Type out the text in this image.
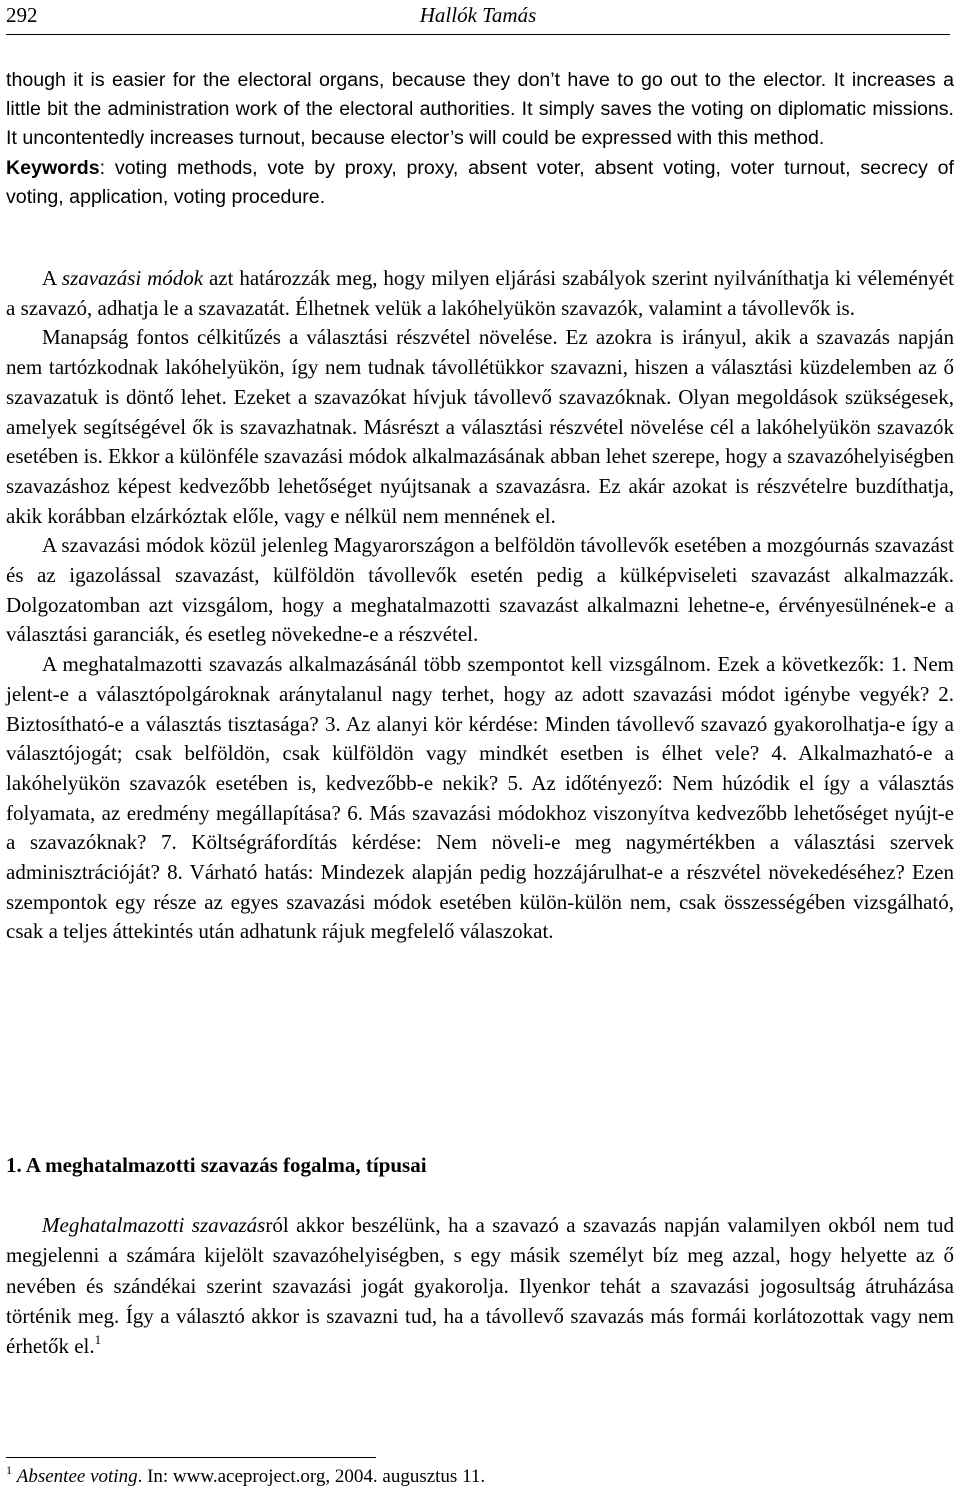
292	Hallók Tamás

though it is easier for the electoral organs, because they don’t have to go out to the elector. It increases a little bit the administration work of the electoral authorities. It simply saves the voting on diplomatic missions. It uncontentedly increases turnout, because elector’s will could be expressed with this method.

Keywords: voting methods, vote by proxy, proxy, absent voter, absent voting, voter turnout, secrecy of voting, application, voting procedure.

A szavazási módok azt határozzák meg, hogy milyen eljárási szabályok szerint nyilváníthatja ki véleményét a szavazó, adhatja le a szavazatát. Élhetnek velük a lakóhelyükön szavazók, valamint a távollevők is.

Manapság fontos célkitűzés a választási részvétel növelése. Ez azokra is irányul, akik a szavazás napján nem tartózkodnak lakóhelyükön, így nem tudnak távollétükkor szavazni, hiszen a választási küzdelemben az ő szavazatuk is döntő lehet. Ezeket a szavazókat hívjuk távollevő szavazóknak. Olyan megoldások szükségesek, amelyek segítségével ők is szavazhatnak. Másrészt a választási részvétel növelése cél a lakóhelyükön szavazók esetében is. Ekkor a különféle szavazási módok alkalmazásának abban lehet szerepe, hogy a szavazóhelyiségben szavazáshoz képest kedvezőbb lehetőséget nyújtsanak a szavazásra. Ez akár azokat is részvételre buzdíthatja, akik korábban elzárkóztak előle, vagy e nélkül nem mennének el.

A szavazási módok közül jelenleg Magyarországon a belföldön távollevők esetében a mozgóurnás szavazást és az igazolással szavazást, külföldön távollevők esetén pedig a külképviseleti szavazást alkalmazzák. Dolgozatomban azt vizsgálom, hogy a meghatalmazotti szavazást alkalmazni lehetne-e, érvényesülnének-e a választási garanciák, és esetleg növekedne-e a részvétel.

A meghatalmazotti szavazás alkalmazásánál több szempontot kell vizsgálnom. Ezek a következők: 1. Nem jelent-e a választópolgároknak aránytalanul nagy terhet, hogy az adott szavazási módot igénybe vegyék? 2. Biztosítható-e a választás tisztasága? 3. Az alanyi kör kérdése: Minden távollevő szavazó gyakorolhatja-e így a választójogát; csak belföldön, csak külföldön vagy mindkét esetben is élhet vele? 4. Alkalmazható-e a lakóhelyükön szavazók esetében is, kedvezőbb-e nekik? 5. Az időtényező: Nem húzódik el így a választás folyamata, az eredmény megállapítása? 6. Más szavazási módokhoz viszonyítva kedvezőbb lehetőséget nyújt-e a szavazóknak? 7. Költségráfordítás kérdése: Nem növeli-e meg nagymértékben a választási szervek adminisztrációját? 8. Várható hatás: Mindezek alapján pedig hozzájárulhat-e a részvétel növekedéséhez? Ezen szempontok egy része az egyes szavazási módok esetében külön-külön nem, csak összességében vizsgálható, csak a teljes áttekintés után adhatunk rájuk megfelelő válaszokat.

1. A meghatalmazotti szavazás fogalma, típusai

Meghatalmazotti szavazásról akkor beszélünk, ha a szavazó a szavazás napján valamilyen okból nem tud megjelenni a számára kijelölt szavazóhelyiségben, s egy másik személyt bíz meg azzal, hogy helyette az ő nevében és szándékai szerint szavazási jogát gyakorolja. Ilyenkor tehát a szavazási jogosultság átruházása történik meg. Így a választó akkor is szavazni tud, ha a távollevő szavazás más formái korlátozottak vagy nem érhetők el.$^1$

$^1$ Absentee voting. In: www.aceproject.org, 2004. augusztus 11.
